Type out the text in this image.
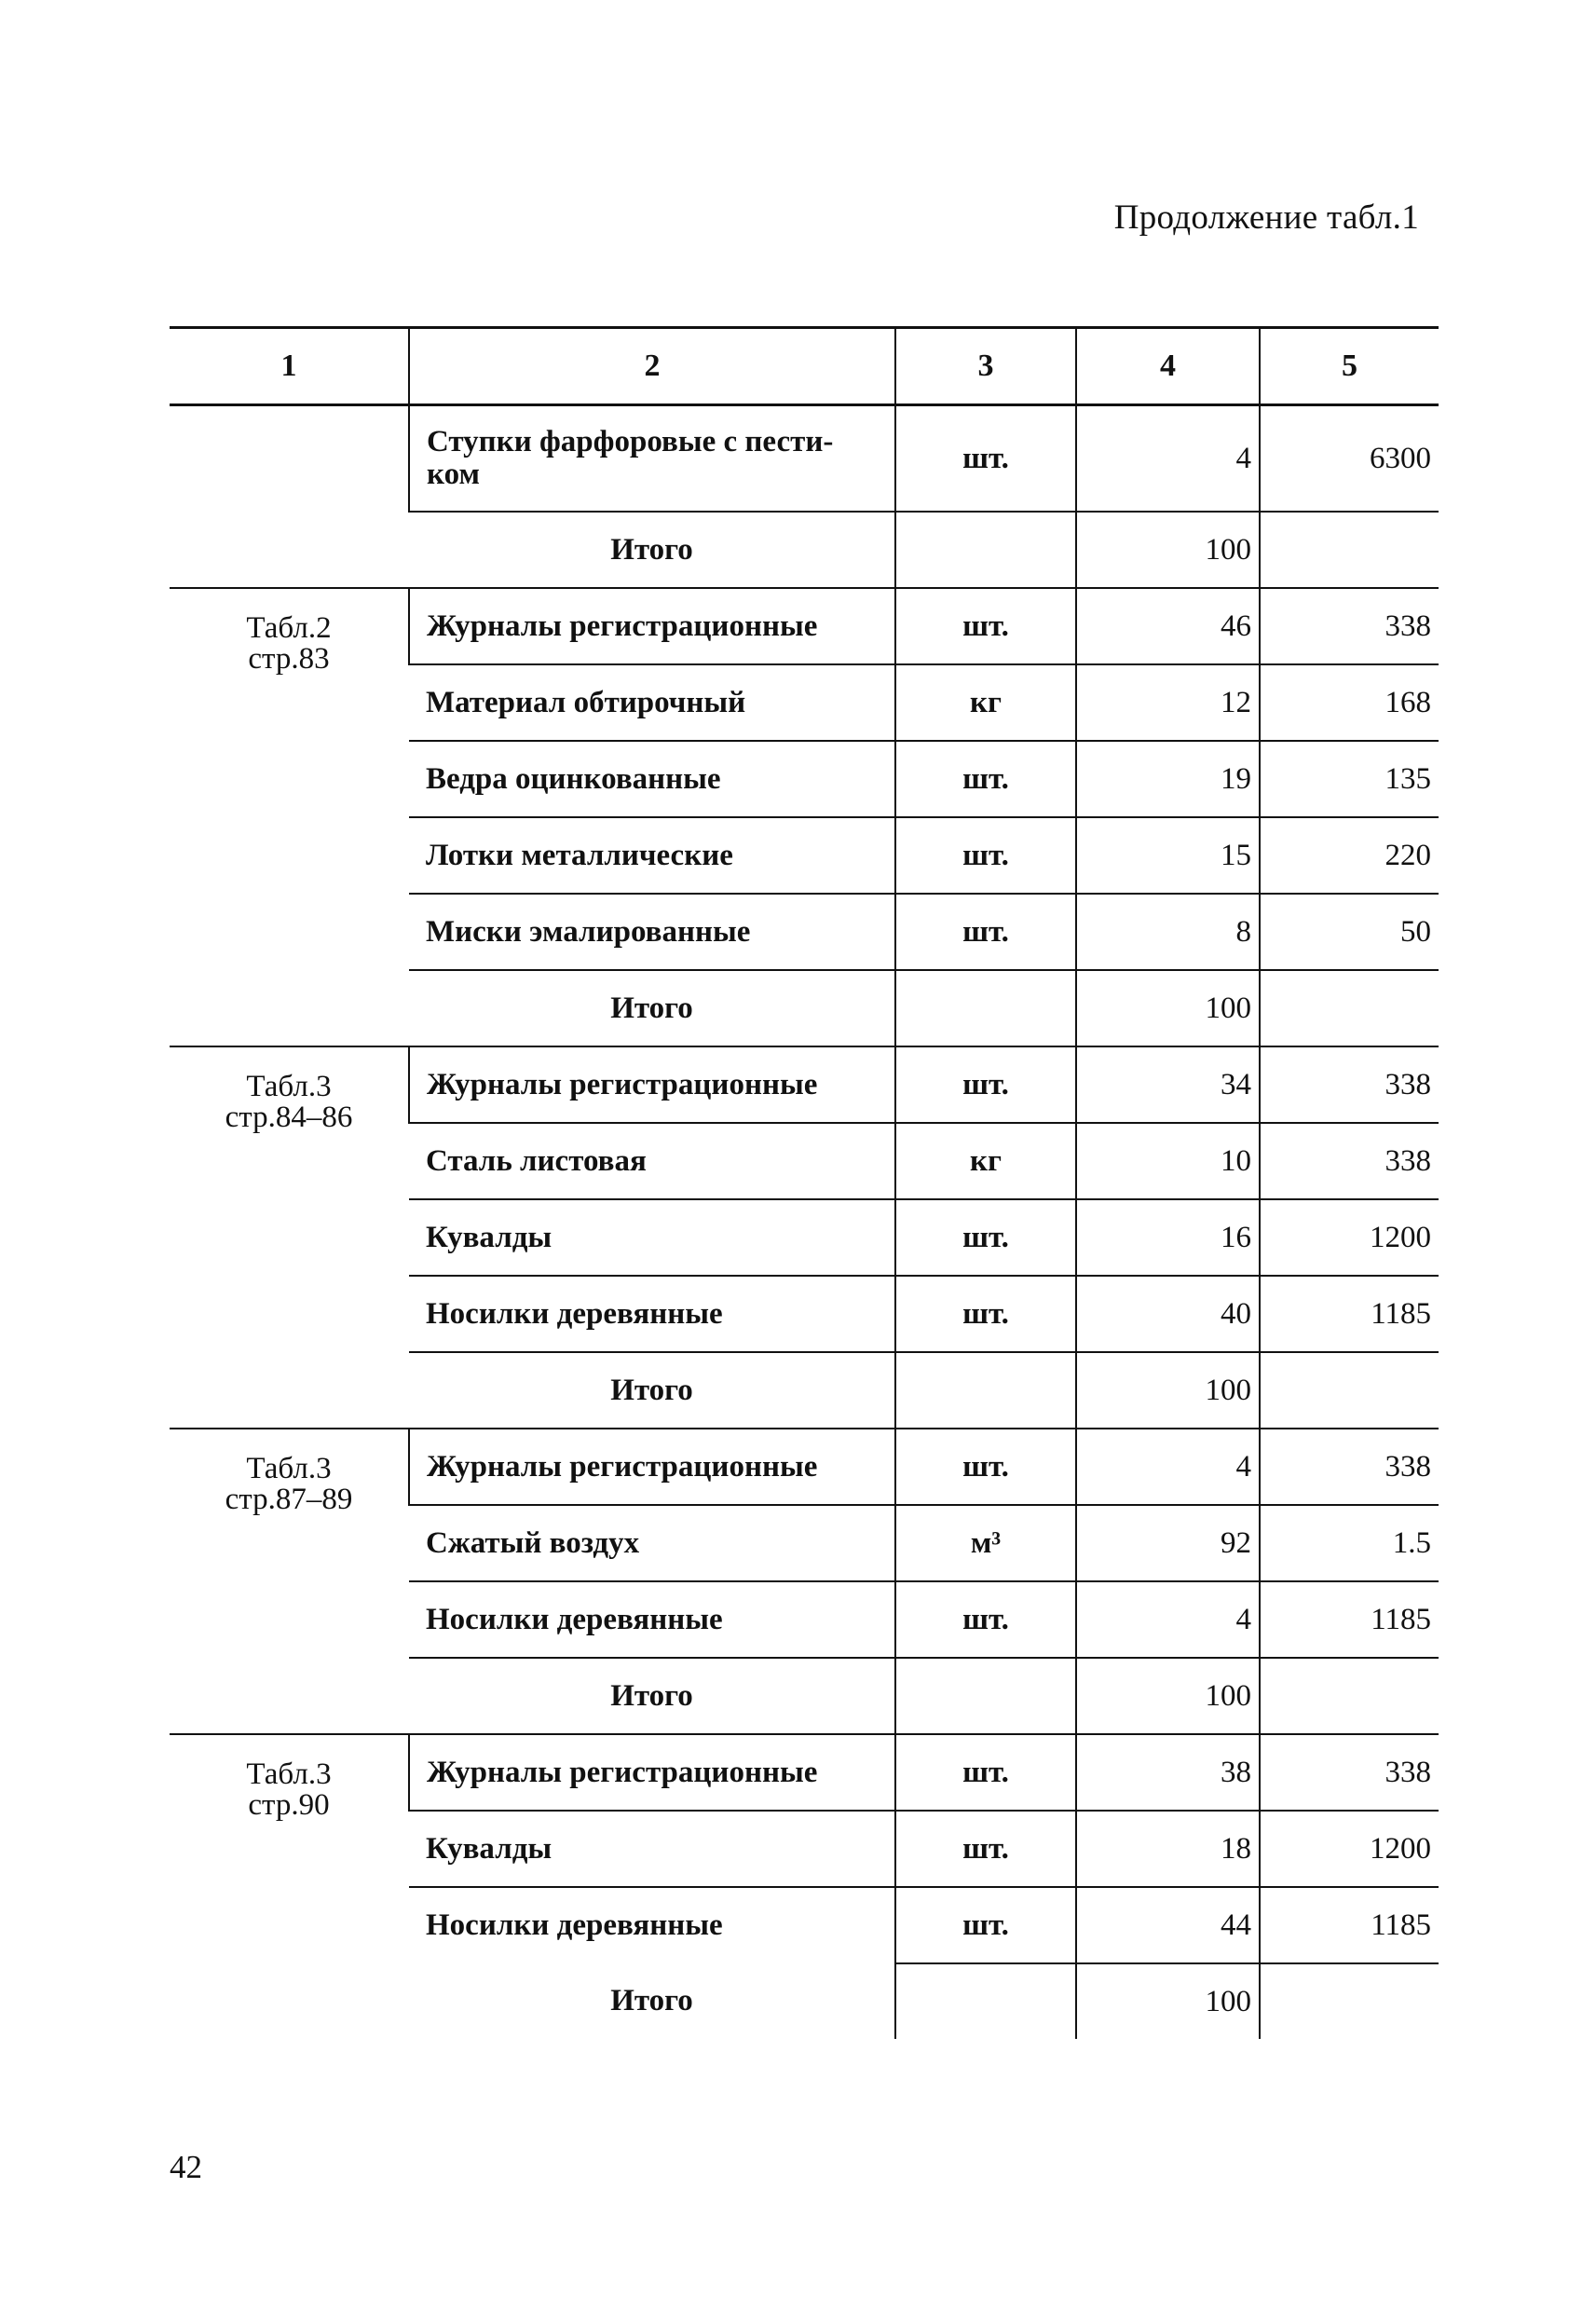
Продолжение табл.1
1	2	3	4	5
	Ступки фарфоровые с пести-
ком	шт.	4	6300
	Итого		100	
Табл.2
стр.83	Журналы регистрационные	шт.	46	338
	Материал обтирочный	кг	12	168
	Ведра оцинкованные	шт.	19	135
	Лотки металлические	шт.	15	220
	Миски эмалированные	шт.	8	50
	Итого		100	
Табл.3
стр.84–86	Журналы регистрационные	шт.	34	338
	Сталь листовая	кг	10	338
	Кувалды	шт.	16	1200
	Носилки деревянные	шт.	40	1185
	Итого		100	
Табл.3
стр.87–89	Журналы регистрационные	шт.	4	338
	Сжатый воздух	м³	92	1.5
	Носилки деревянные	шт.	4	1185
	Итого		100	
Табл.3
стр.90	Журналы регистрационные	шт.	38	338
	Кувалды	шт.	18	1200
	Носилки деревянные	шт.	44	1185
	Итого		100	
42
